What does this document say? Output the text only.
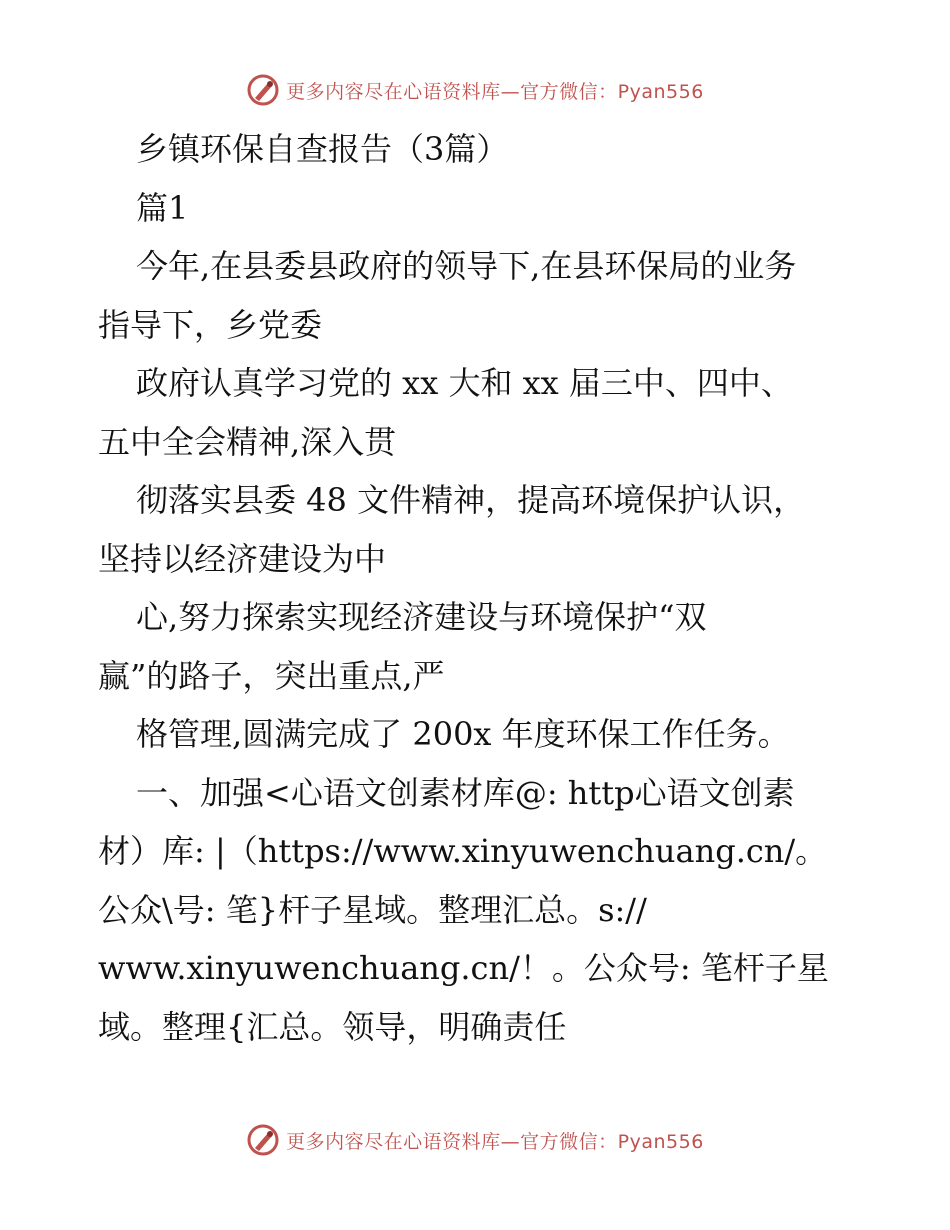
更多内容尽在心语资料库—官方微信：Pyan556
乡镇环保自查报告（3篇）
篇1
今年,在县委县政府的领导下,在县环保局的业务
指导下，乡党委
政府认真学习党的 xx 大和 xx 届三中、四中、
五中全会精神,深入贯
彻落实县委 48 文件精神，提高环境保护认识，
坚持以经济建设为中
心,努力探索实现经济建设与环境保护“双
赢”的路子，突出重点,严
格管理,圆满完成了 200x 年度环保工作任务。
一、加强<心语文创素材库@: http心语文创素
材）库: |（https://www.xinyuwenchuang.cn/。
公众\号: 笔}杆子星域。整理汇总。s://
www.xinyuwenchuang.cn/！。公众号: 笔杆子星
域。整理{汇总。领导，明确责任
更多内容尽在心语资料库—官方微信：Pyan556
